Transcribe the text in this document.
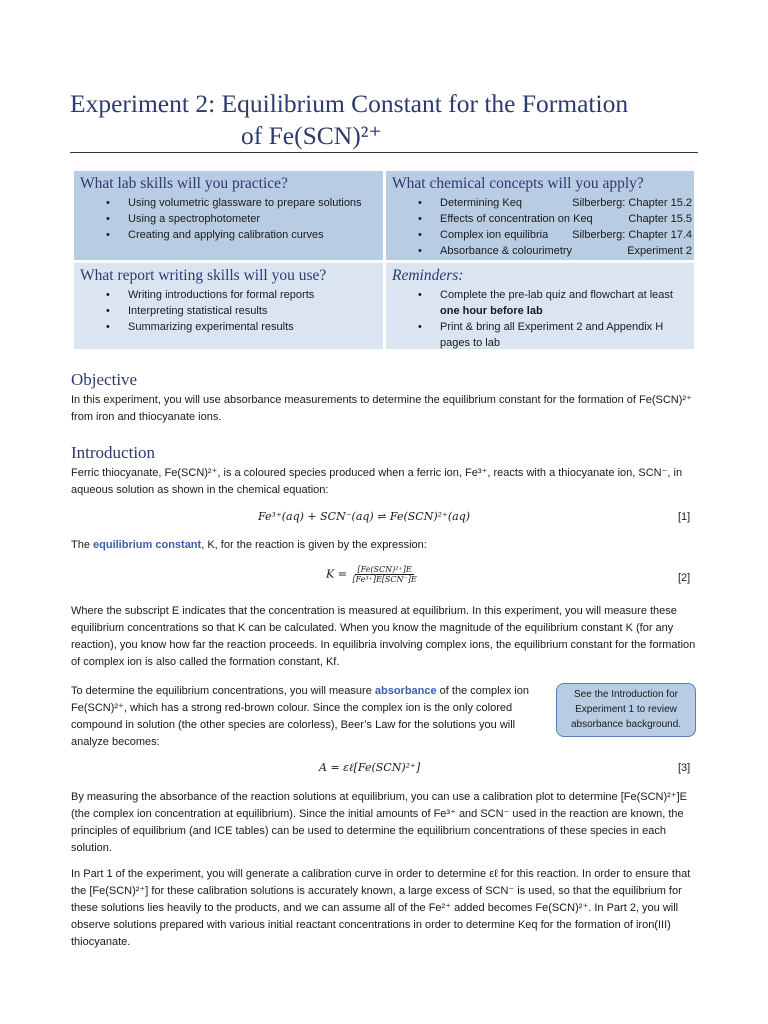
Experiment 2: Equilibrium Constant for the Formation
of Fe(SCN)²⁺
What lab skills will you practice?
• Using volumetric glassware to prepare solutions
• Using a spectrophotometer
• Creating and applying calibration curves
What chemical concepts will you apply?
• Determining Keq	Silberberg: Chapter 15.2
• Effects of concentration on Keq	Chapter 15.5
• Complex ion equilibria Silberberg: Chapter 17.4
• Absorbance & colourimetry	Experiment 2
What report writing skills will you use?
• Writing introductions for formal reports
• Interpreting statistical results
• Summarizing experimental results
Reminders:
• Complete the pre-lab quiz and flowchart at least
one hour before lab
• Print & bring all Experiment 2 and Appendix H pages to lab
Objective

In this experiment, you will use absorbance measurements to determine the equilibrium constant for the formation of Fe(SCN)²⁺ from iron and thiocyanate ions.

Introduction

Ferric thiocyanate, Fe(SCN)²⁺, is a coloured species produced when a ferric ion, Fe³⁺, reacts with a thiocyanate ion, SCN⁻, in aqueous solution as shown in the chemical equation:

Fe³⁺(aq) + SCN⁻(aq) ⇌ Fe(SCN)²⁺(aq)	[1]

The equilibrium constant, K, for the reaction is given by the expression:

$K = \frac{\text{[Fe(SCN)²⁺]E}}{\text{[Fe³⁺]E[SCN⁻]E}}$	[2]

Where the subscript E indicates that the concentration is measured at equilibrium. In this experiment, you will measure these equilibrium concentrations so that K can be calculated. When you know the magnitude of the equilibrium constant K (for any reaction), you know how far the reaction proceeds. In equilibria involving complex ions, the equilibrium constant for the formation of complex ion is also called the formation constant, Kf.

To determine the equilibrium concentrations, you will measure absorbance of the complex ion Fe(SCN)²⁺, which has a strong red-brown colour. Since the complex ion is the only colored compound in solution (the other species are colorless), Beer’s Law for the solutions you will analyze becomes:

See the Introduction for Experiment 1 to review absorbance background.
A = εℓ[Fe(SCN)²⁺]	[3]

By measuring the absorbance of the reaction solutions at equilibrium, you can use a calibration plot to determine [Fe(SCN)²⁺]E (the complex ion concentration at equilibrium). Since the initial amounts of Fe³⁺ and SCN⁻ used in the reaction are known, the principles of equilibrium (and ICE tables) can be used to determine the equilibrium concentrations of these species in each solution.

In Part 1 of the experiment, you will generate a calibration curve in order to determine εℓ for this reaction. In order to ensure that the [Fe(SCN)²⁺] for these calibration solutions is accurately known, a large excess of SCN⁻ is used, so that the equilibrium for these solutions lies heavily to the products, and we can assume all of the Fe²⁺ added becomes Fe(SCN)²⁺. In Part 2, you will observe solutions prepared with various initial reactant concentrations in order to determine Keq for the formation of iron(III) thiocyanate.
